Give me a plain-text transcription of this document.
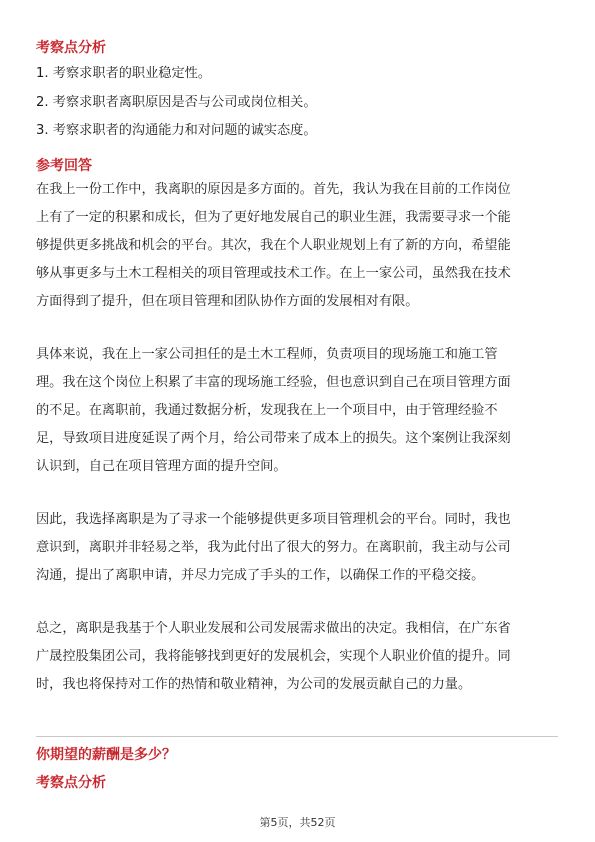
考察点分析
1. 考察求职者的职业稳定性。
2. 考察求职者离职原因是否与公司或岗位相关。
3. 考察求职者的沟通能力和对问题的诚实态度。
参考回答
在我上一份工作中，我离职的原因是多方面的。首先，我认为我在目前的工作岗位
上有了一定的积累和成长，但为了更好地发展自己的职业生涯，我需要寻求一个能
够提供更多挑战和机会的平台。其次，我在个人职业规划上有了新的方向，希望能
够从事更多与土木工程相关的项目管理或技术工作。在上一家公司，虽然我在技术
方面得到了提升，但在项目管理和团队协作方面的发展相对有限。
具体来说，我在上一家公司担任的是土木工程师，负责项目的现场施工和施工管
理。我在这个岗位上积累了丰富的现场施工经验，但也意识到自己在项目管理方面
的不足。在离职前，我通过数据分析，发现我在上一个项目中，由于管理经验不
足，导致项目进度延误了两个月，给公司带来了成本上的损失。这个案例让我深刻
认识到，自己在项目管理方面的提升空间。
因此，我选择离职是为了寻求一个能够提供更多项目管理机会的平台。同时，我也
意识到，离职并非轻易之举，我为此付出了很大的努力。在离职前，我主动与公司
沟通，提出了离职申请，并尽力完成了手头的工作，以确保工作的平稳交接。
总之，离职是我基于个人职业发展和公司发展需求做出的决定。我相信，在广东省
广晟控股集团公司，我将能够找到更好的发展机会，实现个人职业价值的提升。同
时，我也将保持对工作的热情和敬业精神，为公司的发展贡献自己的力量。
你期望的薪酬是多少？
考察点分析
第5页，共52页
